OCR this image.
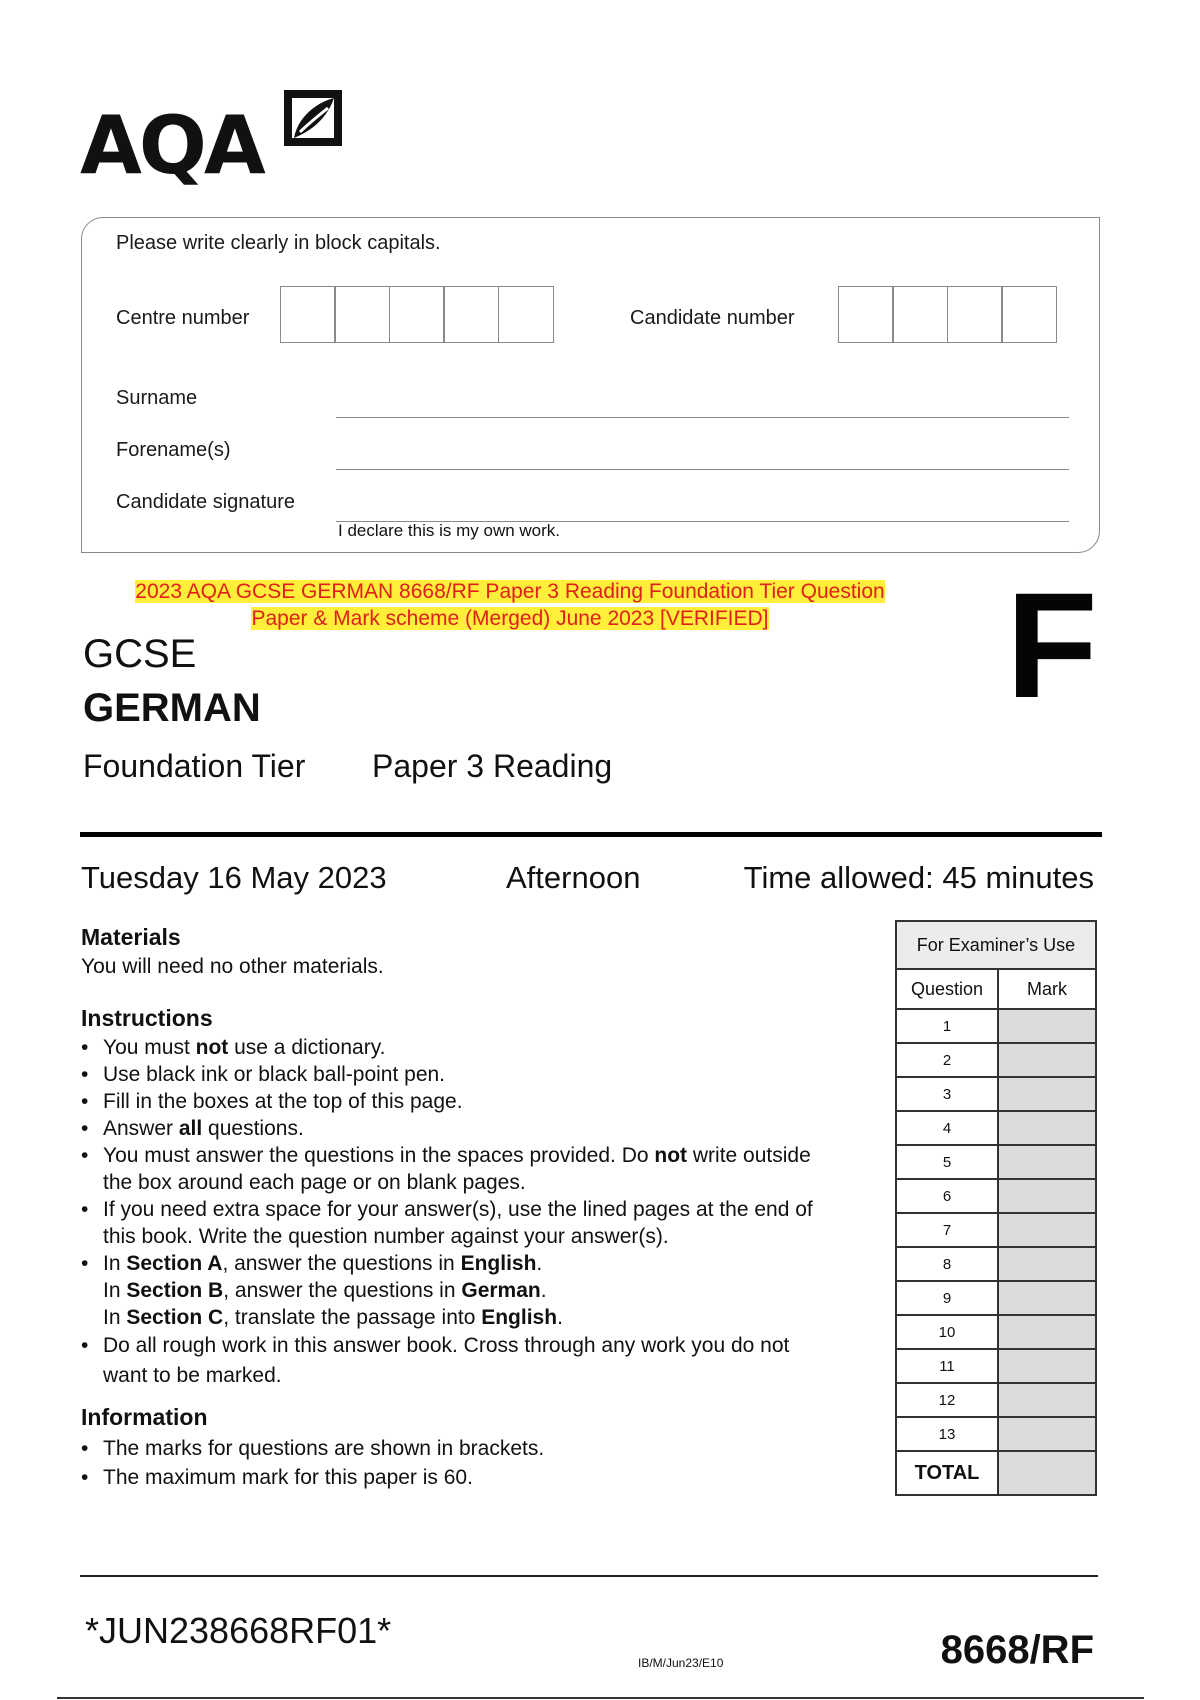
AQA
Please write clearly in block capitals.
Centre number	Candidate number
Surname
Forename(s)
Candidate signature
I declare this is my own work.
2023 AQA GCSE GERMAN 8668/RF Paper 3 Reading Foundation Tier Question
Paper & Mark scheme (Merged) June 2023 [VERIFIED]	F
GCSE
GERMAN
Foundation Tier Paper 3 Reading
Tuesday 16 May 2023	Afternoon	Time allowed: 45 minutes
Materials
You will need no other materials.
Instructions
• You must not use a dictionary.
• Use black ink or black ball-point pen.
• Fill in the boxes at the top of this page.
• Answer all questions.
• You must answer the questions in the spaces provided. Do not write outside
the box around each page or on blank pages.
• If you need extra space for your answer(s), use the lined pages at the end of
this book. Write the question number against your answer(s).
• In Section A, answer the questions in English.
In Section B, answer the questions in German.
In Section C, translate the passage into English.
• Do all rough work in this answer book. Cross through any work you do not
want to be marked.
Information
• The marks for questions are shown in brackets.
• The maximum mark for this paper is 60.
For Examiner’s Use	
Question	Mark
1	
2	
3	
4	
5	
6	
7	
8	
9	
10	
11	
12	
13	
TOTAL	
*JUN238668RF01*
IB/M/Jun23/E10	8668/RF
